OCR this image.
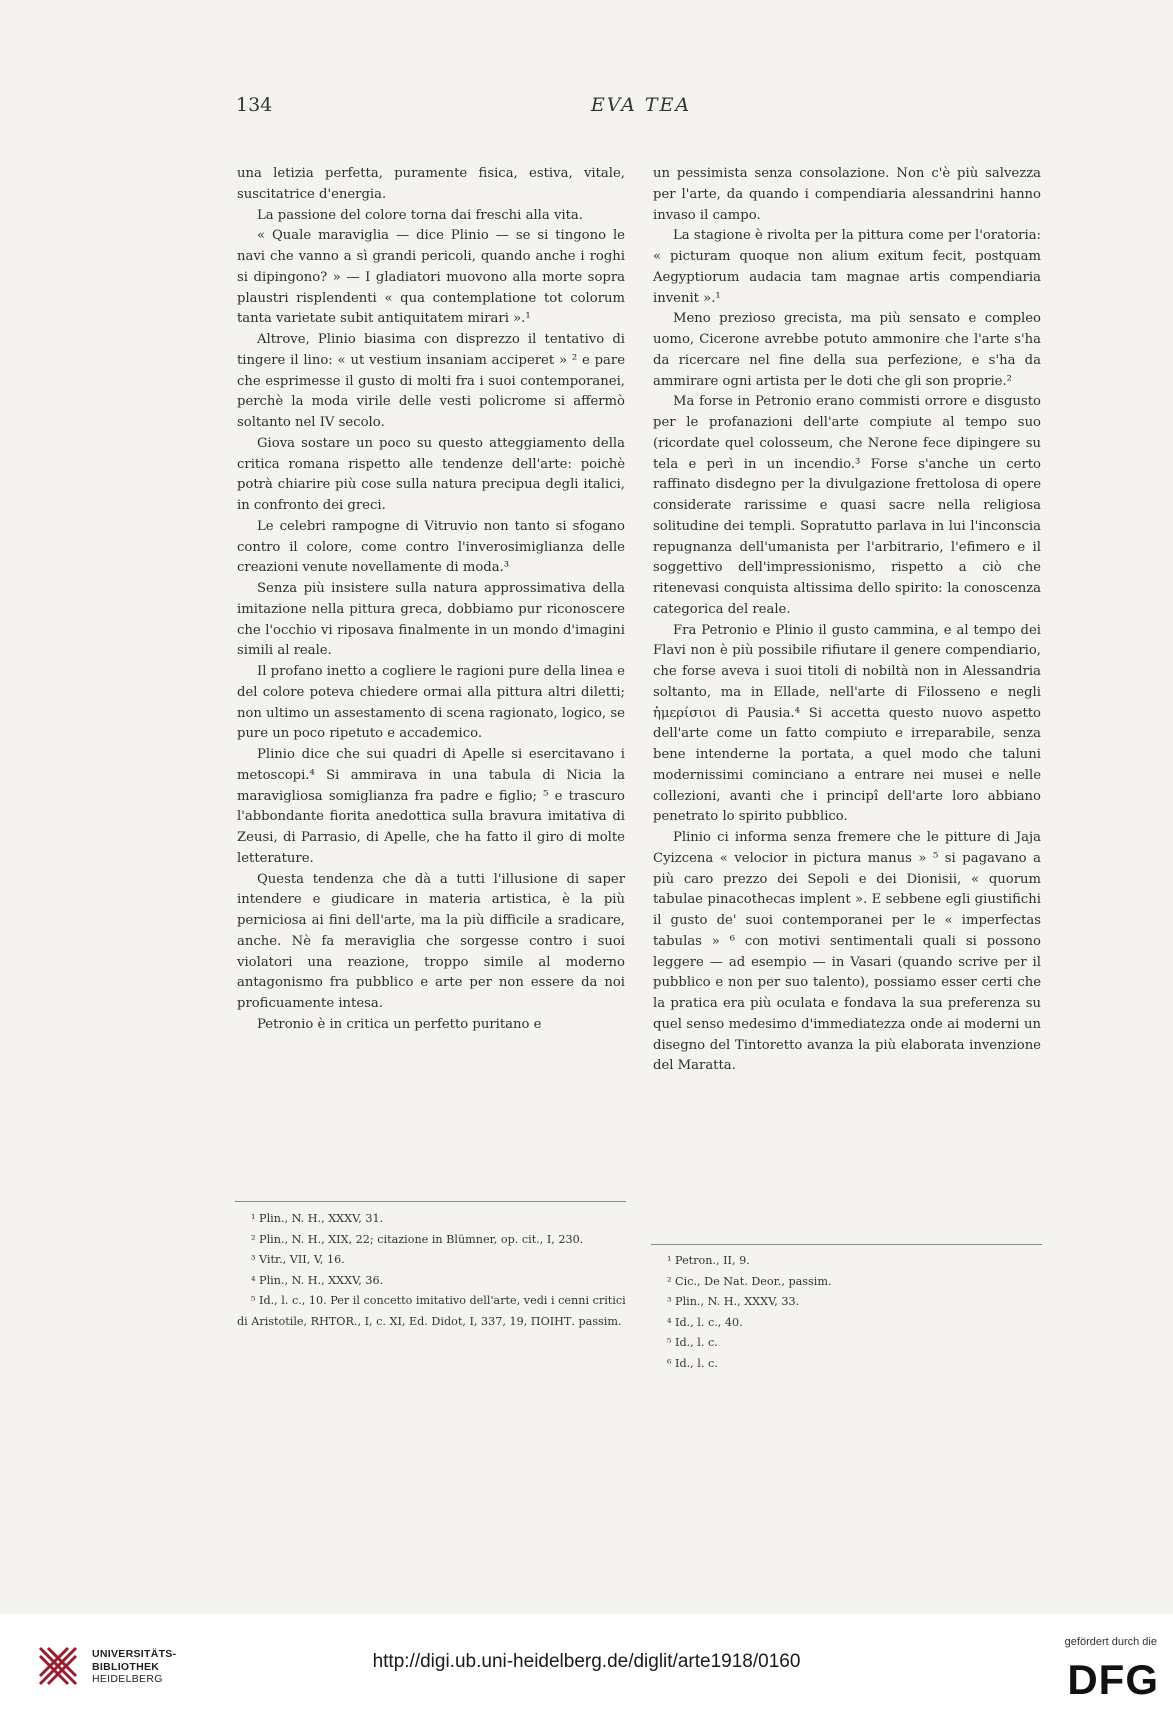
134	EVA TEA

una letizia perfetta, puramente fisica, estiva, vitale, suscitatrice d'energia.

La passione del colore torna dai freschi alla vita.

« Quale maraviglia — dice Plinio — se si tingono le navi che vanno a sì grandi pericoli, quando anche i roghi si dipingono? » — I gladiatori muovono alla morte sopra plaustri risplendenti « qua contemplatione tot colorum tanta varietate subit antiquitatem mirari ».¹

Altrove, Plinio biasima con disprezzo il tentativo di tingere il lino: « ut vestium insaniam acciperet » ² e pare che esprimesse il gusto di molti fra i suoi contemporanei, perchè la moda virile delle vesti policrome si affermò soltanto nel IV secolo.

Giova sostare un poco su questo atteggiamento della critica romana rispetto alle tendenze dell'arte: poichè potrà chiarire più cose sulla natura precipua degli italici, in confronto dei greci.

Le celebri rampogne di Vitruvio non tanto si sfogano contro il colore, come contro l'inverosimiglianza delle creazioni venute novellamente di moda.³

Senza più insistere sulla natura approssimativa della imitazione nella pittura greca, dobbiamo pur riconoscere che l'occhio vi riposava finalmente in un mondo d'imagini simili al reale.

Il profano inetto a cogliere le ragioni pure della linea e del colore poteva chiedere ormai alla pittura altri diletti; non ultimo un assestamento di scena ragionato, logico, se pure un poco ripetuto e accademico.

Plinio dice che sui quadri di Apelle si esercitavano i metoscopi.⁴ Si ammirava in una tabula di Nicia la maravigliosa somiglianza fra padre e figlio; ⁵ e trascuro l'abbondante fiorita anedottica sulla bravura imitativa di Zeusi, di Parrasio, di Apelle, che ha fatto il giro di molte letterature.

Questa tendenza che dà a tutti l'illusione di saper intendere e giudicare in materia artistica, è la più perniciosa ai fini dell'arte, ma la più difficile a sradicare, anche. Nè fa meraviglia che sorgesse contro i suoi violatori una reazione, troppo simile al moderno antagonismo fra pubblico e arte per non essere da noi proficuamente intesa.

Petronio è in critica un perfetto puritano e

un pessimista senza consolazione. Non c'è più salvezza per l'arte, da quando i compendiaria alessandrini hanno invaso il campo.

La stagione è rivolta per la pittura come per l'oratoria: « picturam quoque non alium exitum fecit, postquam Aegyptiorum audacia tam magnae artis compendiaria invenit ».¹

Meno prezioso grecista, ma più sensato e compleo uomo, Cicerone avrebbe potuto ammonire che l'arte s'ha da ricercare nel fine della sua perfezione, e s'ha da ammirare ogni artista per le doti che gli son proprie.²

Ma forse in Petronio erano commisti orrore e disgusto per le profanazioni dell'arte compiute al tempo suo (ricordate quel colosseum, che Nerone fece dipingere su tela e perì in un incendio.³ Forse s'anche un certo raffinato disdegno per la divulgazione frettolosa di opere considerate rarissime e quasi sacre nella religiosa solitudine dei templi. Sopratutto parlava in lui l'inconscia repugnanza dell'umanista per l'arbitrario, l'efimero e il soggettivo dell'impressionismo, rispetto a ciò che ritenevasi conquista altissima dello spirito: la conoscenza categorica del reale.

Fra Petronio e Plinio il gusto cammina, e al tempo dei Flavi non è più possibile rifiutare il genere compendiario, che forse aveva i suoi titoli di nobiltà non in Alessandria soltanto, ma in Ellade, nell'arte di Filosseno e negli ἡμερίσιοι di Pausia.⁴ Si accetta questo nuovo aspetto dell'arte come un fatto compiuto e irreparabile, senza bene intenderne la portata, a quel modo che taluni modernissimi cominciano a entrare nei musei e nelle collezioni, avanti che i principî dell'arte loro abbiano penetrato lo spirito pubblico.

Plinio ci informa senza fremere che le pitture di Jaja Cyizcena « velocior in pictura manus » ⁵ si pagavano a più caro prezzo dei Sepoli e dei Dionisii, « quorum tabulae pinacothecas implent ». E sebbene egli giustifichi il gusto de' suoi contemporanei per le « imperfectas tabulas » ⁶ con motivi sentimentali quali si possono leggere — ad esempio — in Vasari (quando scrive per il pubblico e non per suo talento), possiamo esser certi che la pratica era più oculata e fondava la sua preferenza su quel senso medesimo d'immediatezza onde ai moderni un disegno del Tintoretto avanza la più elaborata invenzione del Maratta.

¹ Plin., N. H., XXXV, 31.

² Plin., N. H., XIX, 22; citazione in Blümner, op. cit., I, 230.

³ Vitr., VII, V, 16.

⁴ Plin., N. H., XXXV, 36.

⁵ Id., l. c., 10. Per il concetto imitativo dell'arte, vedi i cenni critici di Aristotile, RHTOR., I, c. XI, Ed. Didot, I, 337, 19, ΠΟΙΗΤ. passim.

¹ Petron., II, 9.

² Cic., De Nat. Deor., passim.

³ Plin., N. H., XXXV, 33.

⁴ Id., l. c., 40.

⁵ Id., l. c.

⁶ Id., l. c.

UNIVERSITÄTS-
BIBLIOTHEK
HEIDELBERG
http://digi.ub.uni-heidelberg.de/diglit/arte1918/0160
gefördert durch die
DFG
